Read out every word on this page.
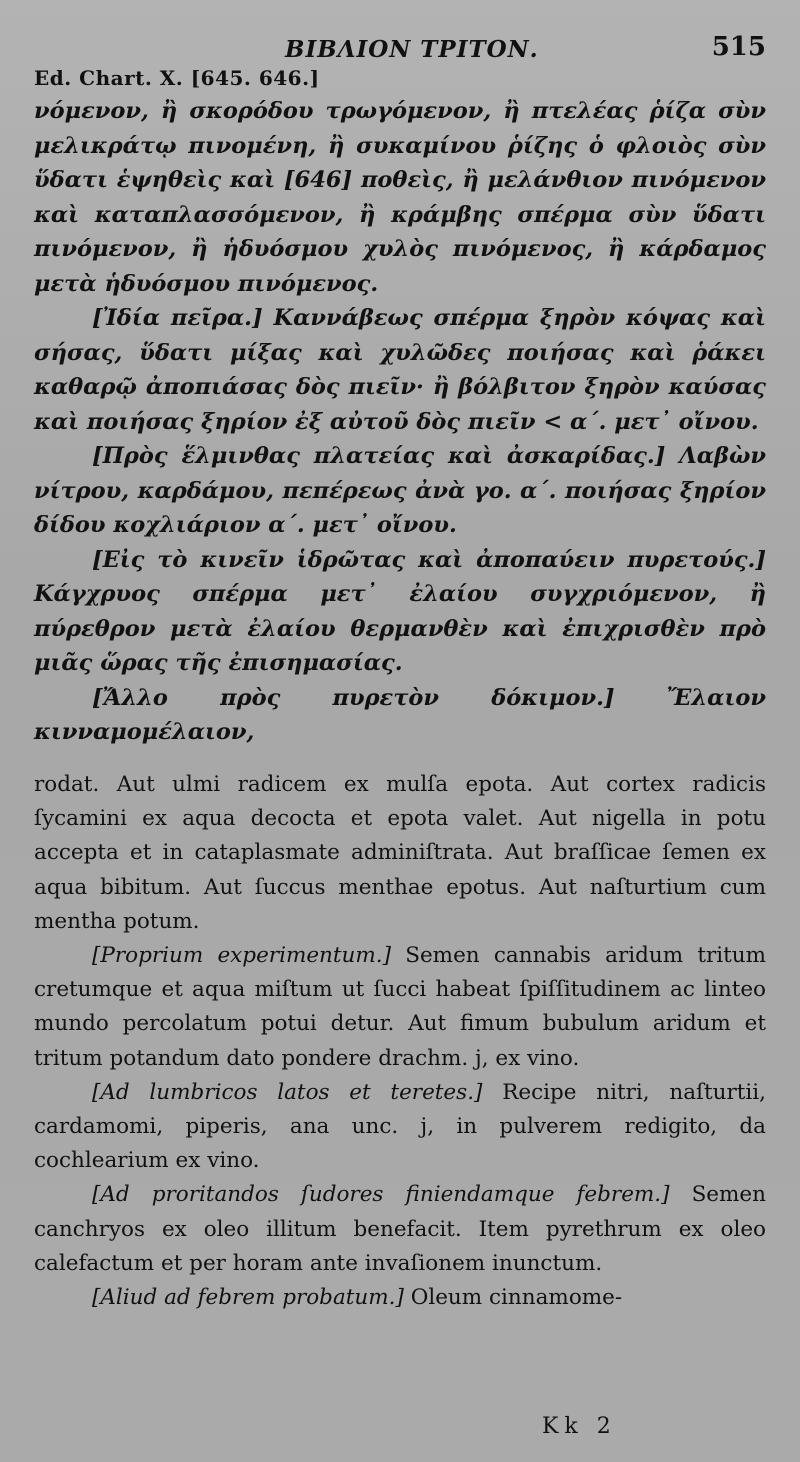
ΒΙΒΛΙΟΝ ΤΡΙΤΟΝ.	515
Ed. Chart. X. [645. 646.]

νόμενον, ἢ σκορόδου τρωγόμενον, ἢ πτελέας ῥίζα σὺν μελικράτῳ πινομένη, ἢ συκαμίνου ῥίζης ὁ φλοιὸς σὺν ὕδατι ἑψηθεὶς καὶ [646] ποθεὶς, ἢ μελάνθιον πινόμενον καὶ καταπλασσόμενον, ἢ κράμβης σπέρμα σὺν ὕδατι πινόμενον, ἢ ἡδυόσμου χυλὸς πινόμενος, ἢ κάρδαμος μετὰ ἡδυόσμου πινόμενος.

[Ἰδία πεῖρα.] Καννάβεως σπέρμα ξηρὸν κόψας καὶ σήσας, ὕδατι μίξας καὶ χυλῶδες ποιήσας καὶ ῥάκει καθαρῷ ἀποπιάσας δὸς πιεῖν· ἢ βόλβιτον ξηρὸν καύσας καὶ ποιήσας ξηρίον ἐξ αὐτοῦ δὸς πιεῖν < α΄. μετ᾽ οἴνου.

[Πρὸς ἕλμινθας πλατείας καὶ ἀσκαρίδας.] Λαβὼν νίτρου, καρδάμου, πεπέρεως ἀνὰ γο. α΄. ποιήσας ξηρίον δίδου κοχλιάριον α΄. μετ᾽ οἴνου.

[Εἰς τὸ κινεῖν ἱδρῶτας καὶ ἀποπαύειν πυρετούς.] Κάγχρυος σπέρμα μετ᾽ ἐλαίου συγχριόμενον, ἢ πύρεθρον μετὰ ἐλαίου θερμανθὲν καὶ ἐπιχρισθὲν πρὸ μιᾶς ὥρας τῆς ἐπισημασίας.

[Ἄλλο πρὸς πυρετὸν δόκιμον.] Ἔλαιον κινναμομέλαιον,

rodat. Aut ulmi radicem ex mulſa epota. Aut cortex radicis ſycamini ex aqua decocta et epota valet. Aut nigella in potu accepta et in cataplasmate adminiſtrata. Aut braſſicae ſemen ex aqua bibitum. Aut ſuccus menthae epotus. Aut naſturtium cum mentha potum.

[Proprium experimentum.] Semen cannabis aridum tritum cretumque et aqua miſtum ut ſucci habeat ſpiſſitudinem ac linteo mundo percolatum potui detur. Aut fimum bubulum aridum et tritum potandum dato pondere drachm. j, ex vino.

[Ad lumbricos latos et teretes.] Recipe nitri, naſturtii, cardamomi, piperis, ana unc. j, in pulverem redigito, da cochlearium ex vino.

[Ad proritandos ſudores finiendamque febrem.] Semen canchryos ex oleo illitum benefacit. Item pyrethrum ex oleo calefactum et per horam ante invaſionem inunctum.

[Aliud ad febrem probatum.] Oleum cinnamome-

Kk 2
